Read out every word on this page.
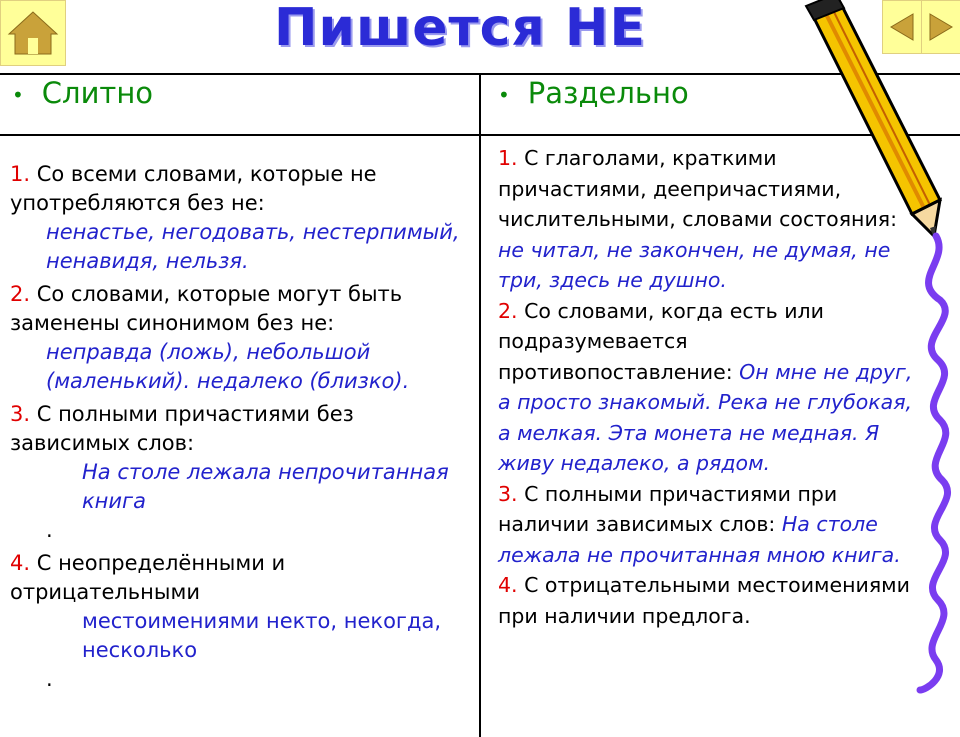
Пишется НЕ
• Слитно	• Раздельно
1. Со всеми словами, которые не употребляются без не:
ненастье, негодовать, нестерпимый, ненавидя, нельзя.
2. Со словами, которые могут быть заменены синонимом без не:
неправда (ложь), небольшой (маленький). недалеко (близко).
3. С полными причастиями без зависимых слов:
На столе лежала непрочитанная книга
.
4. С неопределёнными и отрицательными
местоимениями некто, некогда, несколько
.
1. С глаголами, краткими причастиями, деепричастиями, числительными, словами состояния: не читал, не закончен, не думая, не три, здесь не душно.
2. Со словами, когда есть или подразумевается противопоставление: Он мне не друг, а просто знакомый. Река не глубокая, а мелкая. Эта монета не медная. Я живу недалеко, а рядом.
3. С полными причастиями при наличии зависимых слов: На столе лежала не прочитанная мною книга.
4. С отрицательными местоимениями при наличии предлога.
